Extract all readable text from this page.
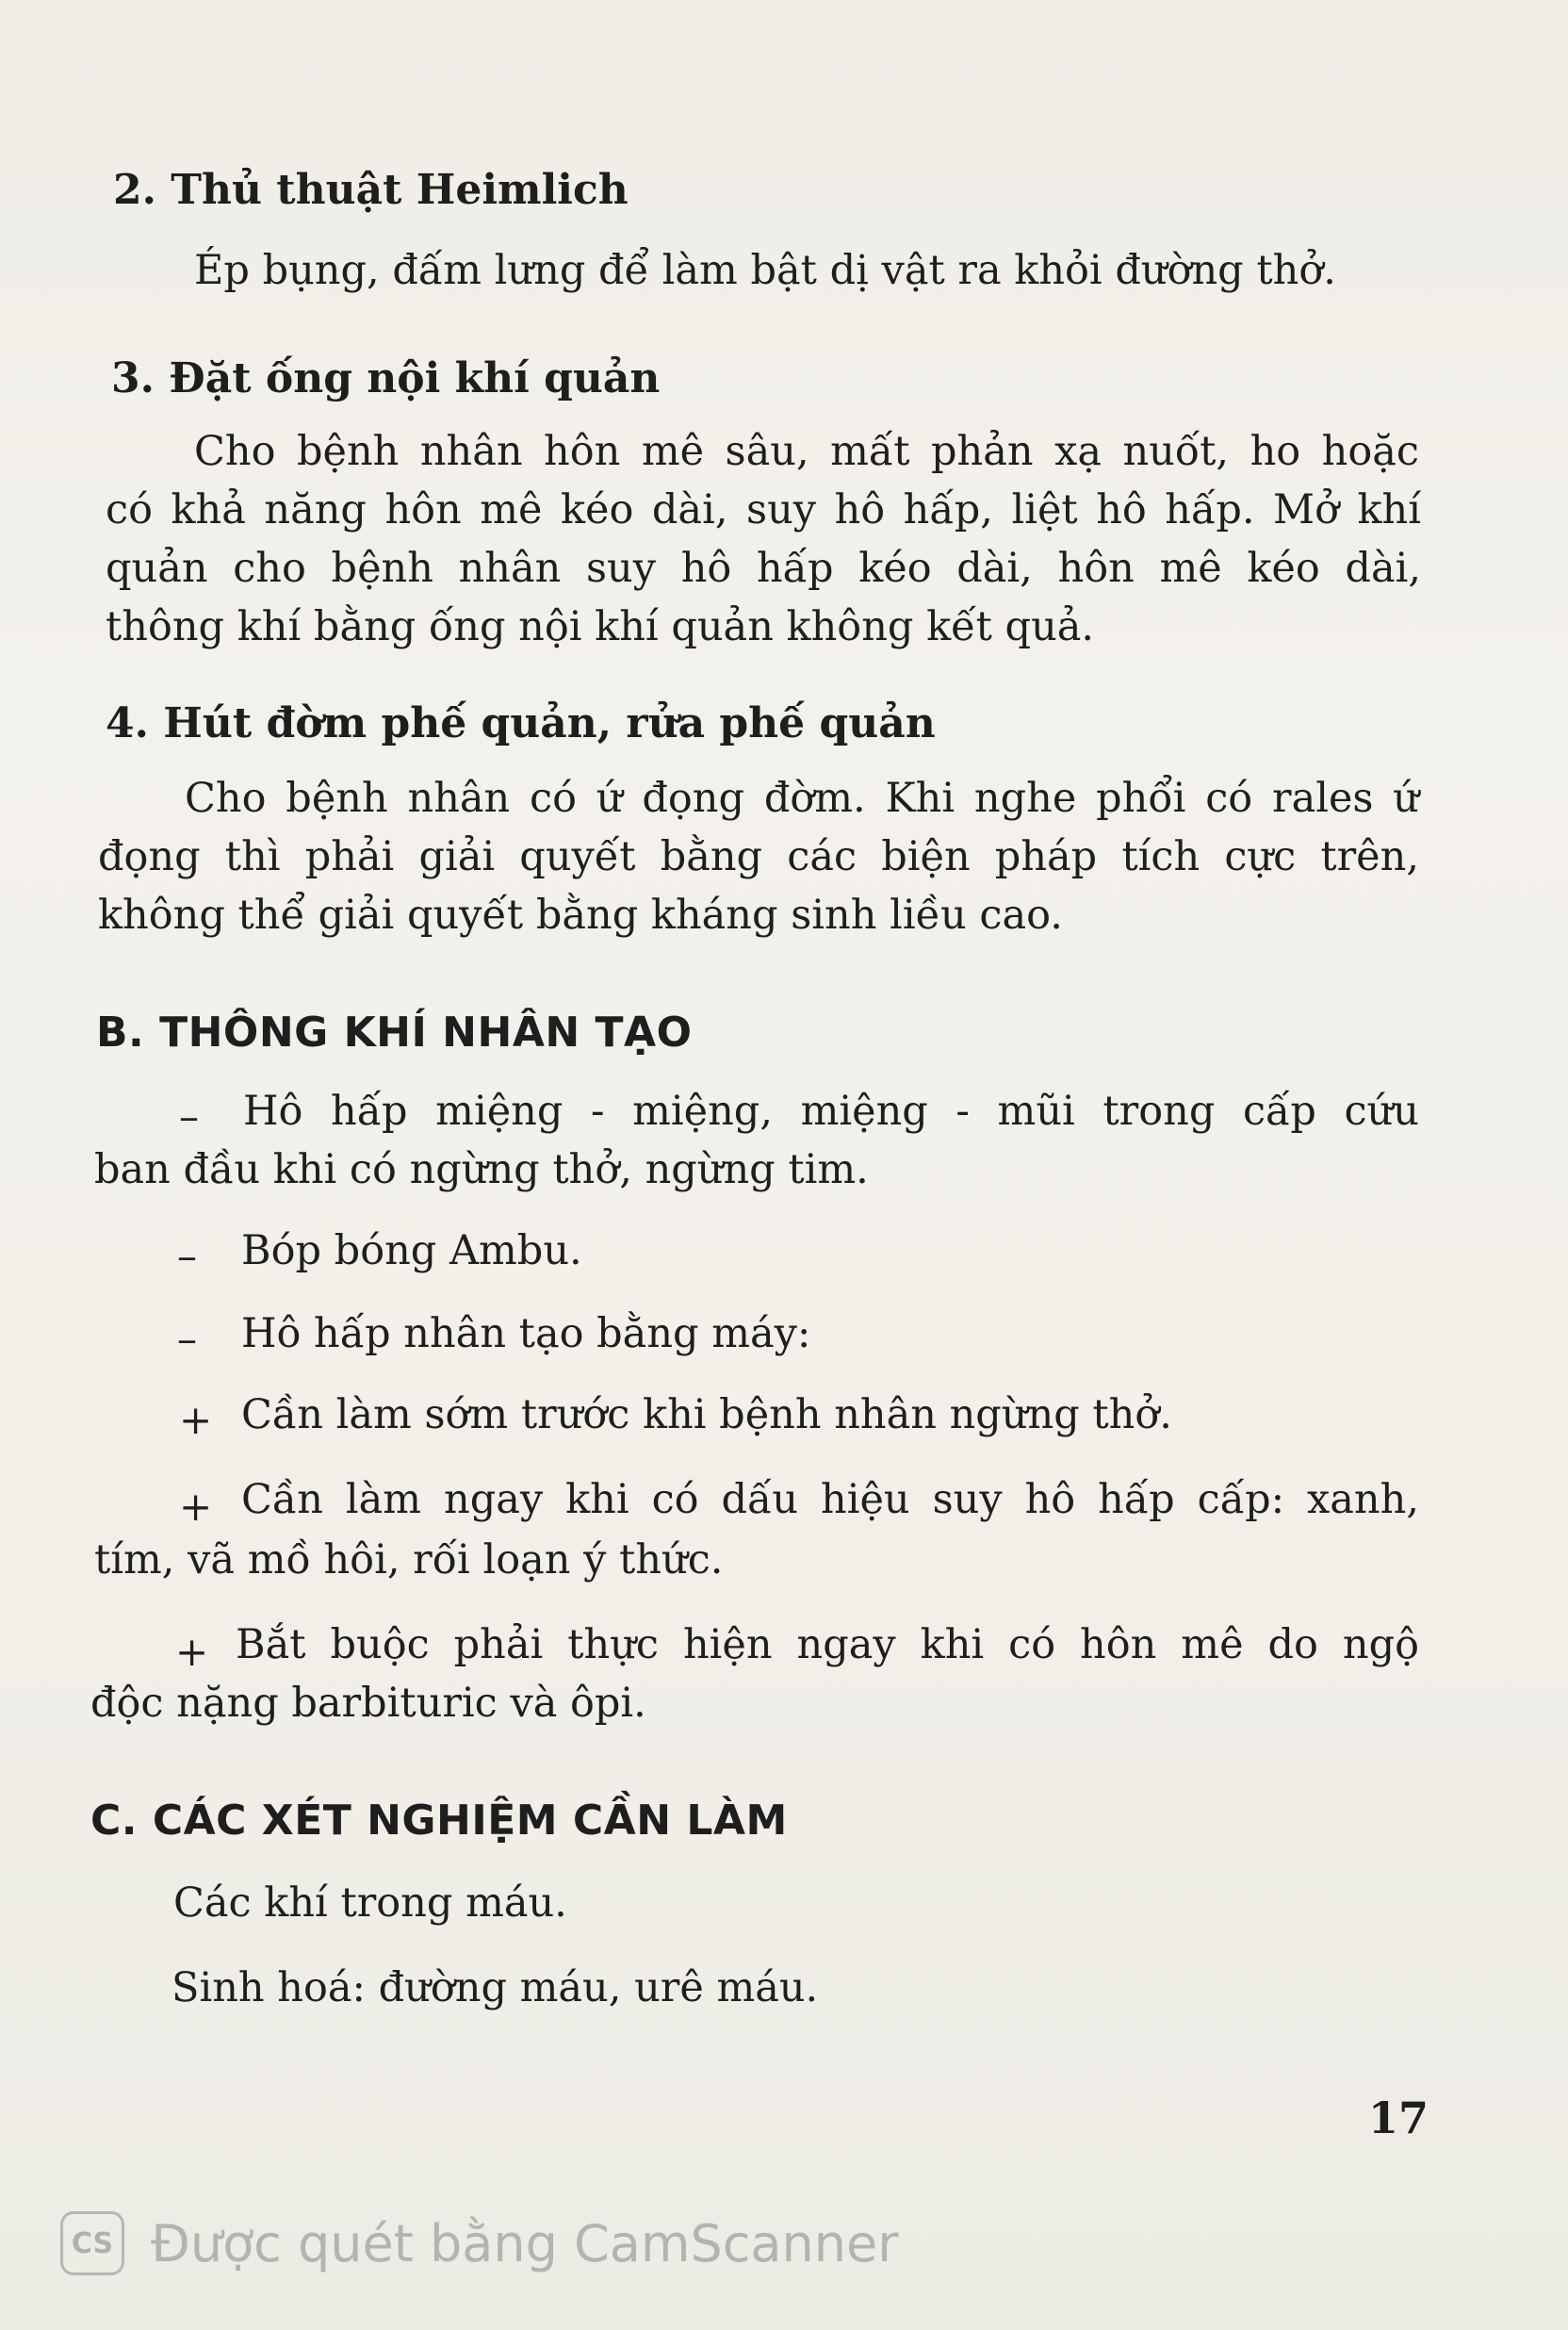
2. Thủ thuật Heimlich

Ép bụng, đấm lưng để làm bật dị vật ra khỏi đường thở.

3. Đặt ống nội khí quản

Cho bệnh nhân hôn mê sâu, mất phản xạ nuốt, ho hoặc

có khả năng hôn mê kéo dài, suy hô hấp, liệt hô hấp. Mở khí

quản cho bệnh nhân suy hô hấp kéo dài, hôn mê kéo dài,

thông khí bằng ống nội khí quản không kết quả.

4. Hút đờm phế quản, rửa phế quản

Cho bệnh nhân có ứ đọng đờm. Khi nghe phổi có rales ứ

đọng thì phải giải quyết bằng các biện pháp tích cực trên,

không thể giải quyết bằng kháng sinh liều cao.

B. THÔNG KHÍ NHÂN TẠO

– Hô hấp miệng - miệng, miệng - mũi trong cấp cứu

ban đầu khi có ngừng thở, ngừng tim.

– Bóp bóng Ambu.

– Hô hấp nhân tạo bằng máy:

+ Cần làm sớm trước khi bệnh nhân ngừng thở.

+ Cần làm ngay khi có dấu hiệu suy hô hấp cấp: xanh,

tím, vã mồ hôi, rối loạn ý thức.

+ Bắt buộc phải thực hiện ngay khi có hôn mê do ngộ

độc nặng barbituric và ôpi.

C. CÁC XÉT NGHIỆM CẦN LÀM

Các khí trong máu.

Sinh hoá: đường máu, urê máu.

17
CS Được quét bằng CamScanner
